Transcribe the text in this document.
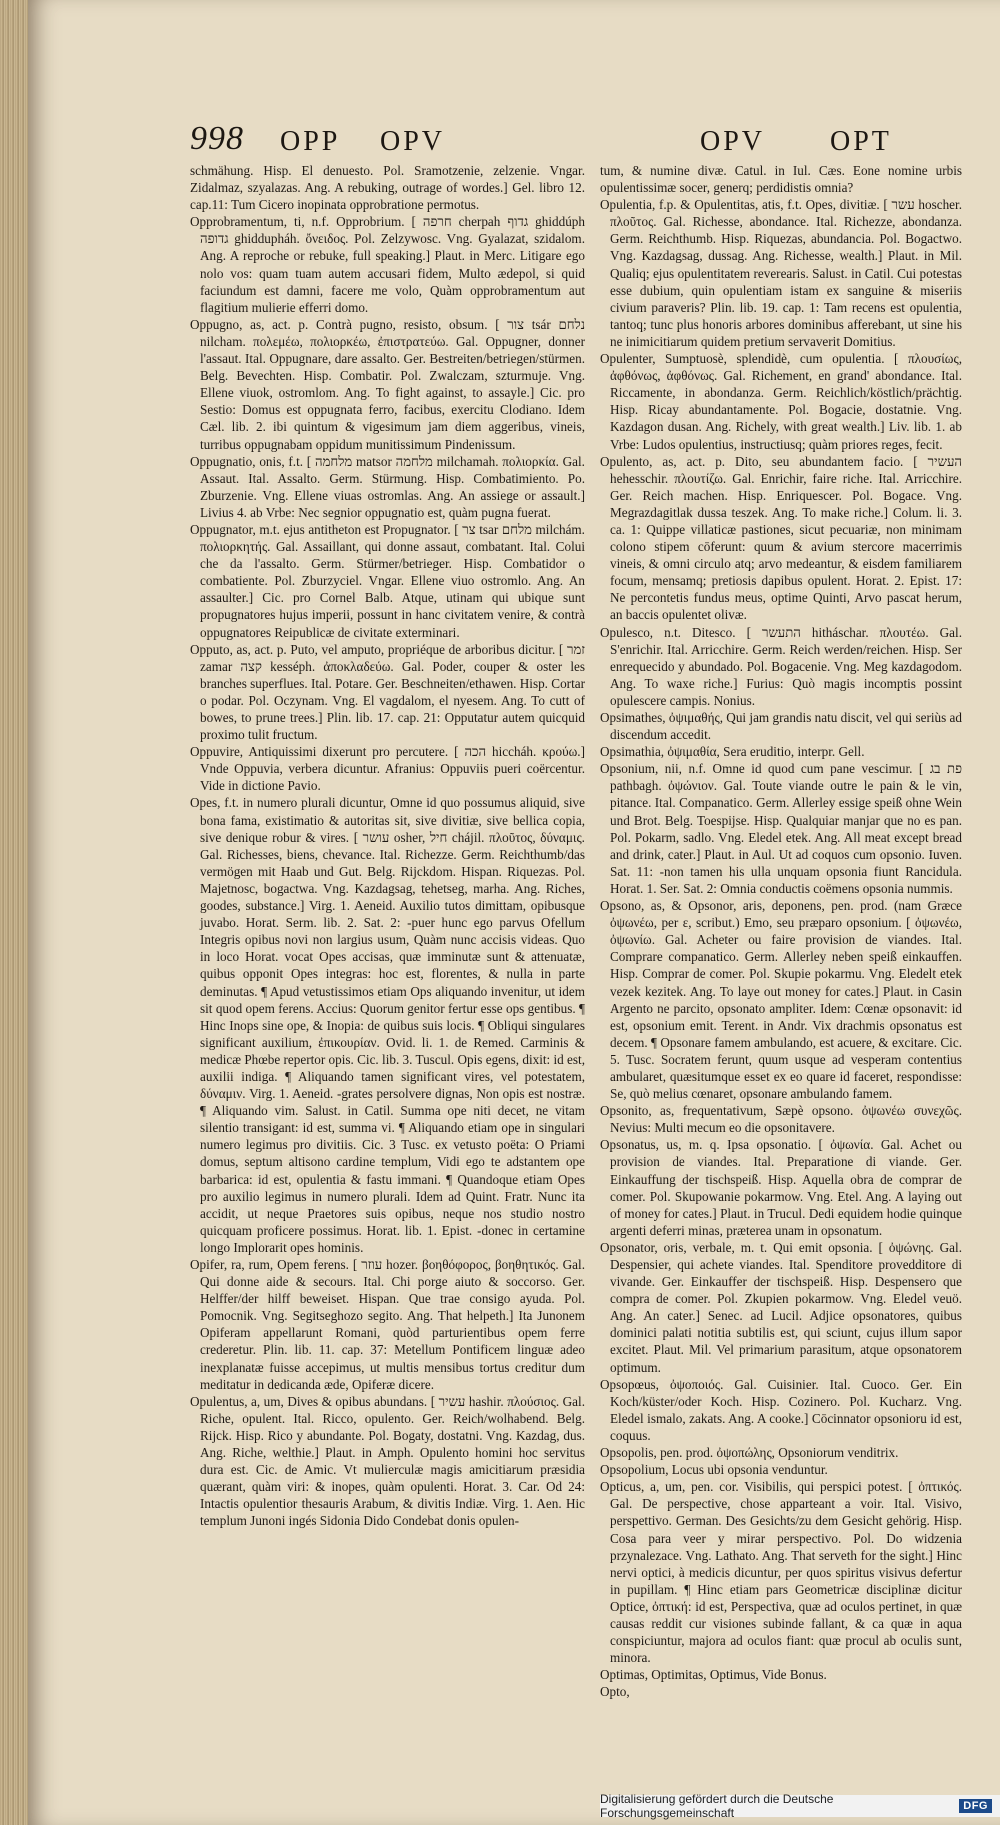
998 OPP OPV	OPV OPT

schmähung. Hisp. El denuesto. Pol. Sramotzenie, zelzenie. Vngar. Zidalmaz, szyalazas. Ang. A rebuking, outrage of wordes.] Gel. libro 12. cap.11: Tum Cicero inopinata opprobratione permotus.

Opprobramentum, ti, n.f. Opprobrium. [ חרפה cherpah גדוף ghiddúph גדופה ghiddupháh. ὄνειδος. Pol. Zelzywosc. Vng. Gyalazat, szidalom. Ang. A reproche or rebuke, full speaking.] Plaut. in Merc. Litigare ego nolo vos: quam tuam autem accusari fidem, Multo ædepol, si quid faciundum est damni, facere me volo, Quàm opprobramentum aut flagitium mulierie efferri domo.

Oppugno, as, act. p. Contrà pugno, resisto, obsum. [ צור tsár נלחם nilcham. πολεμέω, πολιορκέω, ἐπιστρατεύω. Gal. Oppugner, donner l'assaut. Ital. Oppugnare, dare assalto. Ger. Bestreiten/betriegen/stürmen. Belg. Bevechten. Hisp. Combatir. Pol. Zwalczam, szturmuje. Vng. Ellene viuok, ostromlom. Ang. To fight against, to assayle.] Cic. pro Sestio: Domus est oppugnata ferro, facibus, exercitu Clodiano. Idem Cæl. lib. 2. ibi quintum & vigesimum jam diem aggeribus, vineis, turribus oppugnabam oppidum munitissimum Pindenissum.

Oppugnatio, onis, f.t. [ מלחמה matsor מלחמה milchamah. πολιορκία. Gal. Assaut. Ital. Assalto. Germ. Stürmung. Hisp. Combatimiento. Po. Zburzenie. Vng. Ellene viuas ostromlas. Ang. An assiege or assault.] Livius 4. ab Vrbe: Nec segnior oppugnatio est, quàm pugna fuerat.

Oppugnator, m.t. ejus antitheton est Propugnator. [ צר tsar מלחם milchám. πολιορκητής. Gal. Assaillant, qui donne assaut, combatant. Ital. Colui che da l'assalto. Germ. Stürmer/betrieger. Hisp. Combatidor o combatiente. Pol. Zburzyciel. Vngar. Ellene viuo ostromlo. Ang. An assaulter.] Cic. pro Cornel Balb. Atque, utinam qui ubique sunt propugnatores hujus imperii, possunt in hanc civitatem venire, & contrà oppugnatores Reipublicæ de civitate exterminari.

Opputo, as, act. p. Puto, vel amputo, propriéque de arboribus dicitur. [ זמר zamar קצה kesséph. ἀποκλαδεύω. Gal. Poder, couper & oster les branches superflues. Ital. Potare. Ger. Beschneiten/ethawen. Hisp. Cortar o podar. Pol. Oczynam. Vng. El vagdalom, el nyesem. Ang. To cutt of bowes, to prune trees.] Plin. lib. 17. cap. 21: Opputatur autem quicquid proximo tulit fructum.

Oppuvire, Antiquissimi dixerunt pro percutere. [ הכה hiccháh. κρούω.] Vnde Oppuvia, verbera dicuntur. Afranius: Oppuviis pueri coërcentur. Vide in dictione Pavio.

Opes, f.t. in numero plurali dicuntur, Omne id quo possumus aliquid, sive bona fama, existimatio & autoritas sit, sive divitiæ, sive bellica copia, sive denique robur & vires. [ עושר osher, חיל chájil. πλοῦτος, δύναμις. Gal. Richesses, biens, chevance. Ital. Richezze. Germ. Reichthumb/das vermögen mit Haab und Gut. Belg. Rijckdom. Hispan. Riquezas. Pol. Majetnosc, bogactwa. Vng. Kazdagsag, tehetseg, marha. Ang. Riches, goodes, substance.] Virg. 1. Aeneid. Auxilio tutos dimittam, opibusque juvabo. Horat. Serm. lib. 2. Sat. 2: -puer hunc ego parvus Ofellum Integris opibus novi non largius usum, Quàm nunc accisis videas. Quo in loco Horat. vocat Opes accisas, quæ imminutæ sunt & attenuatæ, quibus opponit Opes integras: hoc est, florentes, & nulla in parte deminutas. ¶ Apud vetustissimos etiam Ops aliquando invenitur, ut idem sit quod opem ferens. Accius: Quorum genitor fertur esse ops gentibus. ¶ Hinc Inops sine ope, & Inopia: de quibus suis locis. ¶ Obliqui singulares significant auxilium, ἐπικουρίαν. Ovid. li. 1. de Remed. Carminis & medicæ Phœbe repertor opis. Cic. lib. 3. Tuscul. Opis egens, dixit: id est, auxilii indiga. ¶ Aliquando tamen significant vires, vel potestatem, δύναμιν. Virg. 1. Aeneid. -grates persolvere dignas, Non opis est nostræ. ¶ Aliquando vim. Salust. in Catil. Summa ope niti decet, ne vitam silentio transigant: id est, summa vi. ¶ Aliquando etiam ope in singulari numero legimus pro divitiis. Cic. 3 Tusc. ex vetusto poëta: O Priami domus, septum altisono cardine templum, Vidi ego te adstantem ope barbarica: id est, opulentia & fastu immani. ¶ Quandoque etiam Opes pro auxilio legimus in numero plurali. Idem ad Quint. Fratr. Nunc ita accidit, ut neque Praetores suis opibus, neque nos studio nostro quicquam proficere possimus. Horat. lib. 1. Epist. -donec in certamine longo Implorarit opes hominis.

Opifer, ra, rum, Opem ferens. [ עוזר hozer. βοηθόφορος, βοηθητικός. Gal. Qui donne aide & secours. Ital. Chi porge aiuto & soccorso. Ger. Helffer/der hilff beweiset. Hispan. Que trae consigo ayuda. Pol. Pomocnik. Vng. Segitseghozo segito. Ang. That helpeth.] Ita Junonem Opiferam appellarunt Romani, quòd parturientibus opem ferre crederetur. Plin. lib. 11. cap. 37: Metellum Pontificem linguæ adeo inexplanatæ fuisse accepimus, ut multis mensibus tortus creditur dum meditatur in dedicanda æde, Opiferæ dicere.

Opulentus, a, um, Dives & opibus abundans. [ עשיר hashir. πλούσιος. Gal. Riche, opulent. Ital. Ricco, opulento. Ger. Reich/wolhabend. Belg. Rijck. Hisp. Rico y abundante. Pol. Bogaty, dostatni. Vng. Kazdag, dus. Ang. Riche, welthie.] Plaut. in Amph. Opulento homini hoc servitus dura est. Cic. de Amic. Vt mulierculæ magis amicitiarum præsidia quærant, quàm viri: & inopes, quàm opulenti. Horat. 3. Car. Od 24: Intactis opulentior thesauris Arabum, & divitis Indiæ. Virg. 1. Aen. Hic templum Junoni ingés Sidonia Dido Condebat donis opulen-

tum, & numine divæ. Catul. in Iul. Cæs. Eone nomine urbis opulentissimæ socer, generq; perdidistis omnia?

Opulentia, f.p. & Opulentitas, atis, f.t. Opes, divitiæ. [ עשר hoscher. πλοῦτος. Gal. Richesse, abondance. Ital. Richezze, abondanza. Germ. Reichthumb. Hisp. Riquezas, abundancia. Pol. Bogactwo. Vng. Kazdagsag, dussag. Ang. Richesse, wealth.] Plaut. in Mil. Qualiq; ejus opulentitatem reverearis. Salust. in Catil. Cui potestas esse dubium, quin opulentiam istam ex sanguine & miseriis civium paraveris? Plin. lib. 19. cap. 1: Tam recens est opulentia, tantoq; tunc plus honoris arbores dominibus afferebant, ut sine his ne inimicitiarum quidem pretium servaverit Domitius.

Opulenter, Sumptuosè, splendidè, cum opulentia. [ πλουσίως, ἀφθόνως, ἀφθόνως. Gal. Richement, en grand' abondance. Ital. Riccamente, in abondanza. Germ. Reichlich/köstlich/prächtig. Hisp. Ricay abundantamente. Pol. Bogacie, dostatnie. Vng. Kazdagon dusan. Ang. Richely, with great wealth.] Liv. lib. 1. ab Vrbe: Ludos opulentius, instructiusq; quàm priores reges, fecit.

Opulento, as, act. p. Dito, seu abundantem facio. [ העשיר hehesschir. πλουτίζω. Gal. Enrichir, faire riche. Ital. Arricchire. Ger. Reich machen. Hisp. Enriquescer. Pol. Bogace. Vng. Megrazdagitlak dussa teszek. Ang. To make riche.] Colum. li. 3. ca. 1: Quippe villaticæ pastiones, sicut pecuariæ, non minimam colono stipem cōferunt: quum & avium stercore macerrimis vineis, & omni circulo atq; arvo medeantur, & eisdem familiarem focum, mensamq; pretiosis dapibus opulent. Horat. 2. Epist. 17: Ne percontetis fundus meus, optime Quinti, Arvo pascat herum, an baccis opulentet olivæ.

Opulesco, n.t. Ditesco. [ התעשר hitháschar. πλουτέω. Gal. S'enrichir. Ital. Arricchire. Germ. Reich werden/reichen. Hisp. Ser enrequecido y abundado. Pol. Bogacenie. Vng. Meg kazdagodom. Ang. To waxe riche.] Furius: Quò magis incomptis possint opulescere campis. Nonius.

Opsimathes, ὀψιμαθής, Qui jam grandis natu discit, vel qui seriùs ad discendum accedit.

Opsimathia, ὀψιμαθία, Sera eruditio, interpr. Gell.

Opsonium, nii, n.f. Omne id quod cum pane vescimur. [ פת בג pathbagh. ὀψώνιον. Gal. Toute viande outre le pain & le vin, pitance. Ital. Companatico. Germ. Allerley essige speiß ohne Wein und Brot. Belg. Toespijse. Hisp. Qualquiar manjar que no es pan. Pol. Pokarm, sadlo. Vng. Eledel etek. Ang. All meat except bread and drink, cater.] Plaut. in Aul. Ut ad coquos cum opsonio. Iuven. Sat. 11: -non tamen his ulla unquam opsonia fiunt Rancidula. Horat. 1. Ser. Sat. 2: Omnia conductis coëmens opsonia nummis.

Opsono, as, & Opsonor, aris, deponens, pen. prod. (nam Græce ὀψωνέω, per ε, scribut.) Emo, seu præparo opsonium. [ ὀψωνέω, ὀψωνίω. Gal. Acheter ou faire provision de viandes. Ital. Comprare companatico. Germ. Allerley neben speiß einkauffen. Hisp. Comprar de comer. Pol. Skupie pokarmu. Vng. Eledelt etek vezek kezitek. Ang. To laye out money for cates.] Plaut. in Casin Argento ne parcito, opsonato ampliter. Idem: Cœnæ opsonavit: id est, opsonium emit. Terent. in Andr. Vix drachmis opsonatus est decem. ¶ Opsonare famem ambulando, est acuere, & excitare. Cic. 5. Tusc. Socratem ferunt, quum usque ad vesperam contentius ambularet, quæsitumque esset ex eo quare id faceret, respondisse: Se, quò melius cœnaret, opsonare ambulando famem.

Opsonito, as, frequentativum, Sæpè opsono. ὀψωνέω συνεχῶς. Nevius: Multi mecum eo die opsonitavere.

Opsonatus, us, m. q. Ipsa opsonatio. [ ὀψωνία. Gal. Achet ou provision de viandes. Ital. Preparatione di viande. Ger. Einkauffung der tischspeiß. Hisp. Aquella obra de comprar de comer. Pol. Skupowanie pokarmow. Vng. Etel. Ang. A laying out of money for cates.] Plaut. in Trucul. Dedi equidem hodie quinque argenti deferri minas, præterea unam in opsonatum.

Opsonator, oris, verbale, m. t. Qui emit opsonia. [ ὀψώνης. Gal. Despensier, qui achete viandes. Ital. Spenditore provedditore di vivande. Ger. Einkauffer der tischspeiß. Hisp. Despensero que compra de comer. Pol. Zkupien pokarmow. Vng. Eledel veuö. Ang. An cater.] Senec. ad Lucil. Adjice opsonatores, quibus dominici palati notitia subtilis est, qui sciunt, cujus illum sapor excitet. Plaut. Mil. Vel primarium parasitum, atque opsonatorem optimum.

Opsopœus, ὀψοποιός. Gal. Cuisinier. Ital. Cuoco. Ger. Ein Koch/küster/oder Koch. Hisp. Cozinero. Pol. Kucharz. Vng. Eledel ismalo, zakats. Ang. A cooke.] Cōcinnator opsonioru id est, coquus.

Opsopolis, pen. prod. ὀψοπώλης, Opsoniorum venditrix.

Opsopolium, Locus ubi opsonia venduntur.

Opticus, a, um, pen. cor. Visibilis, qui perspici potest. [ ὀπτικός. Gal. De perspective, chose apparteant a voir. Ital. Visivo, perspettivo. German. Des Gesichts/zu dem Gesicht gehörig. Hisp. Cosa para veer y mirar perspectivo. Pol. Do widzenia przynalezace. Vng. Lathato. Ang. That serveth for the sight.] Hinc nervi optici, à medicis dicuntur, per quos spiritus visivus defertur in pupillam. ¶ Hinc etiam pars Geometricæ disciplinæ dicitur Optice, ὀπτική: id est, Perspectiva, quæ ad oculos pertinet, in quæ causas reddit cur visiones subinde fallant, & ca quæ in aqua conspiciuntur, majora ad oculos fiant: quæ procul ab oculis sunt, minora.

Optimas, Optimitas, Optimus, Vide Bonus.

Opto,

Digitalisierung gefördert durch die Deutsche Forschungsgemeinschaft	DFG
